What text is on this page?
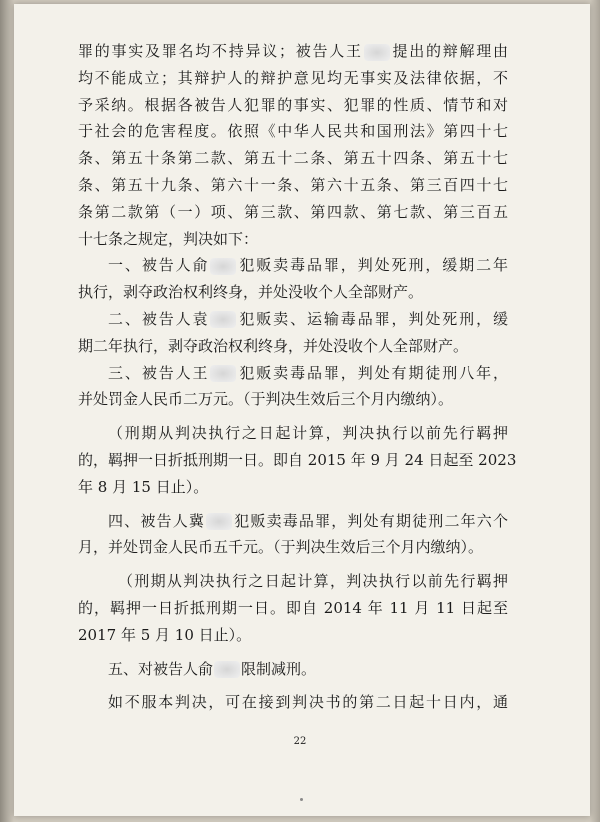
罪的事实及罪名均不持异议；被告人王 提出的辩解理由
均不能成立；其辩护人的辩护意见均无事实及法律依据，不
予采纳。根据各被告人犯罪的事实、犯罪的性质、情节和对
于社会的危害程度。依照《中华人民共和国刑法》第四十七
条、第五十条第二款、第五十二条、第五十四条、第五十七
条、第五十九条、第六十一条、第六十五条、第三百四十七
条第二款第（一）项、第三款、第四款、第七款、第三百五
十七条之规定，判决如下：
一、被告人俞 犯贩卖毒品罪，判处死刑，缓期二年
执行，剥夺政治权利终身，并处没收个人全部财产。
二、被告人袁 犯贩卖、运输毒品罪，判处死刑，缓
期二年执行，剥夺政治权利终身，并处没收个人全部财产。
三、被告人王 犯贩卖毒品罪，判处有期徒刑八年，
并处罚金人民币二万元。（于判决生效后三个月内缴纳）。
（刑期从判决执行之日起计算，判决执行以前先行羁押
的，羁押一日折抵刑期一日。即自 2015 年 9 月 24 日起至 2023
年 8 月 15 日止）。
四、被告人冀 犯贩卖毒品罪，判处有期徒刑二年六个
月，并处罚金人民币五千元。（于判决生效后三个月内缴纳）。
（刑期从判决执行之日起计算，判决执行以前先行羁押
的，羁押一日折抵刑期一日。即自 2014 年 11 月 11 日起至
2017 年 5 月 10 日止）。
五、对被告人俞 限制减刑。
如不服本判决，可在接到判决书的第二日起十日内，通
22
